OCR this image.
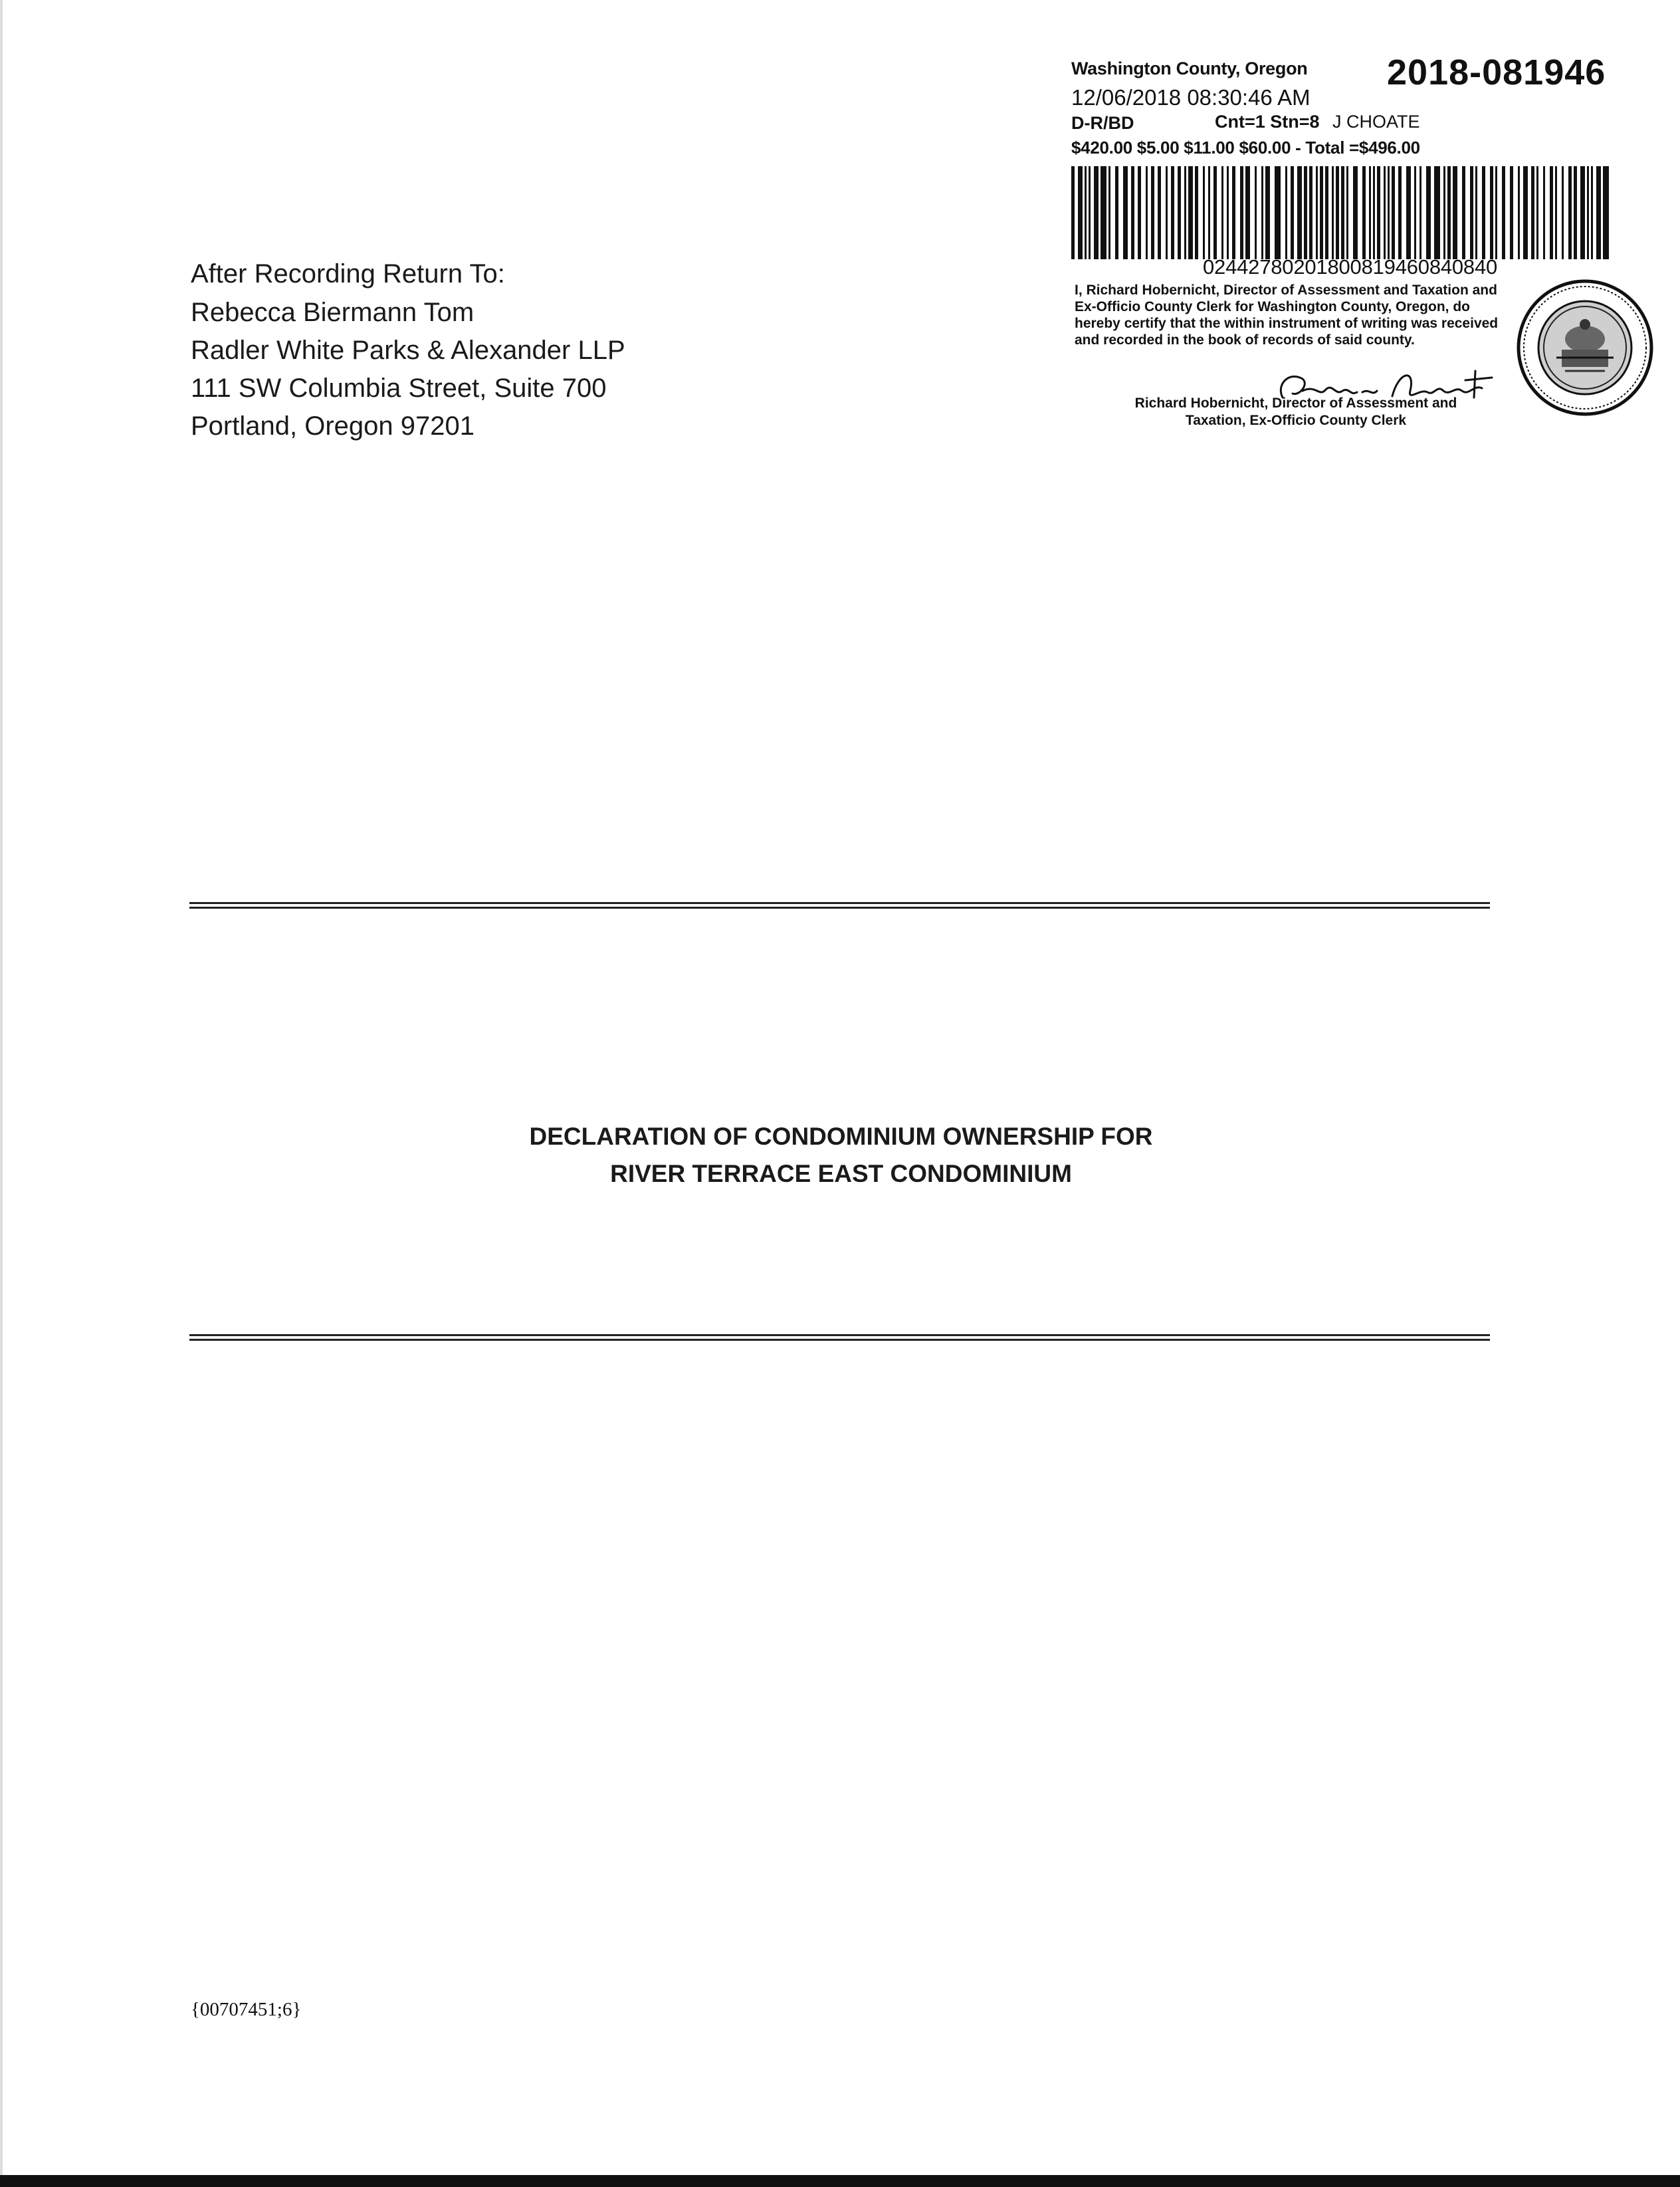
Washington County, Oregon 2018-081946
12/06/2018 08:30:46 AM
D-R/BD	Cnt=1 Stn=8 J CHOATE
$420.00 $5.00 $11.00 $60.00 - Total =$496.00
02442780201800819460840840
I, Richard Hobernicht, Director of Assessment and Taxation and Ex-Officio County Clerk for Washington County, Oregon, do hereby certify that the within instrument of writing was received and recorded in the book of records of said county.
Richard Hobernicht, Director of Assessment and
Taxation, Ex-Officio County Clerk
After Recording Return To:
Rebecca Biermann Tom
Radler White Parks & Alexander LLP
111 SW Columbia Street, Suite 700
Portland, Oregon 97201
DECLARATION OF CONDOMINIUM OWNERSHIP FOR
RIVER TERRACE EAST CONDOMINIUM
{00707451;6}
